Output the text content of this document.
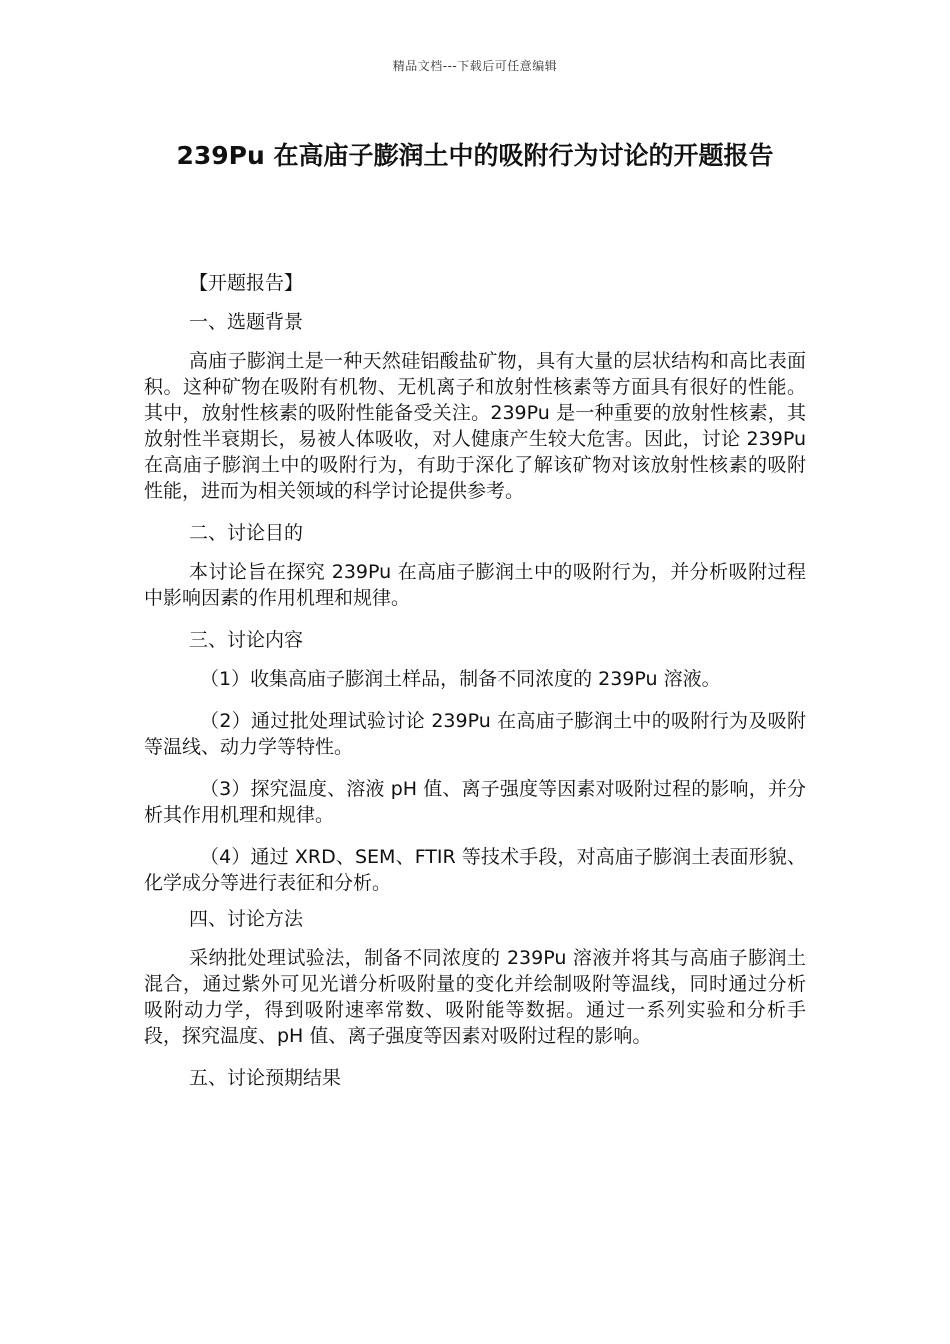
精品文档---下载后可任意编辑
239Pu 在高庙子膨润土中的吸附行为讨论的开题报告
【开题报告】
一、选题背景
高庙子膨润土是一种天然硅铝酸盐矿物，具有大量的层状结构和高比表面积。这种矿物在吸附有机物、无机离子和放射性核素等方面具有很好的性能。其中，放射性核素的吸附性能备受关注。239Pu 是一种重要的放射性核素，其放射性半衰期长，易被人体吸收，对人健康产生较大危害。因此，讨论 239Pu 在高庙子膨润土中的吸附行为，有助于深化了解该矿物对该放射性核素的吸附性能，进而为相关领域的科学讨论提供参考。
二、讨论目的
本讨论旨在探究 239Pu 在高庙子膨润土中的吸附行为，并分析吸附过程中影响因素的作用机理和规律。
三、讨论内容
（1）收集高庙子膨润土样品，制备不同浓度的 239Pu 溶液。
（2）通过批处理试验讨论 239Pu 在高庙子膨润土中的吸附行为及吸附等温线、动力学等特性。
（3）探究温度、溶液 pH 值、离子强度等因素对吸附过程的影响，并分析其作用机理和规律。
（4）通过 XRD、SEM、FTIR 等技术手段，对高庙子膨润土表面形貌、化学成分等进行表征和分析。
四、讨论方法
采纳批处理试验法，制备不同浓度的 239Pu 溶液并将其与高庙子膨润土混合，通过紫外可见光谱分析吸附量的变化并绘制吸附等温线，同时通过分析吸附动力学，得到吸附速率常数、吸附能等数据。通过一系列实验和分析手段，探究温度、pH 值、离子强度等因素对吸附过程的影响。
五、讨论预期结果
